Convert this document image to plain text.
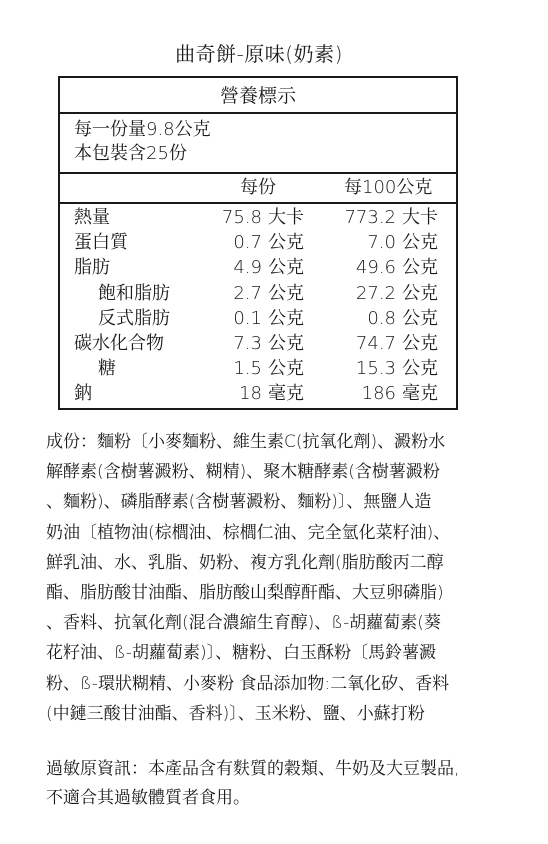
曲奇餅-原味(奶素)
營養標示
每一份量9.8公克
本包裝含25份
每份	每100公克
熱量	75.8 大卡 773.2 大卡
蛋白質	0.7 公克	7.0 公克
脂肪	4.9 公克	49.6 公克
飽和脂肪	2.7 公克	27.2 公克
反式脂肪	0.1 公克	0.8 公克
碳水化合物	7.3 公克	74.7 公克
糖	1.5 公克	15.3 公克
鈉	18 毫克	186 毫克
成份：麵粉〔小麥麵粉、維生素C(抗氧化劑)、澱粉水
解酵素(含樹薯澱粉、糊精)、聚木糖酵素(含樹薯澱粉
、麵粉)、磷脂酵素(含樹薯澱粉、麵粉)〕、無鹽人造
奶油〔植物油(棕櫚油、棕櫚仁油、完全氫化菜籽油)、
鮮乳油、水、乳脂、奶粉、複方乳化劑(脂肪酸丙二醇
酯、脂肪酸甘油酯、脂肪酸山梨醇酐酯、大豆卵磷脂)
、香料、抗氧化劑(混合濃縮生育醇)、ß-胡蘿蔔素(葵
花籽油、ß-胡蘿蔔素)〕、糖粉、白玉酥粉〔馬鈴薯澱
粉、ß-環狀糊精、小麥粉 食品添加物:二氧化矽、香料
(中鏈三酸甘油酯、香料)〕、玉米粉、鹽、小蘇打粉
過敏原資訊：本產品含有麩質的穀類、牛奶及大豆製品,
不適合其過敏體質者食用。
